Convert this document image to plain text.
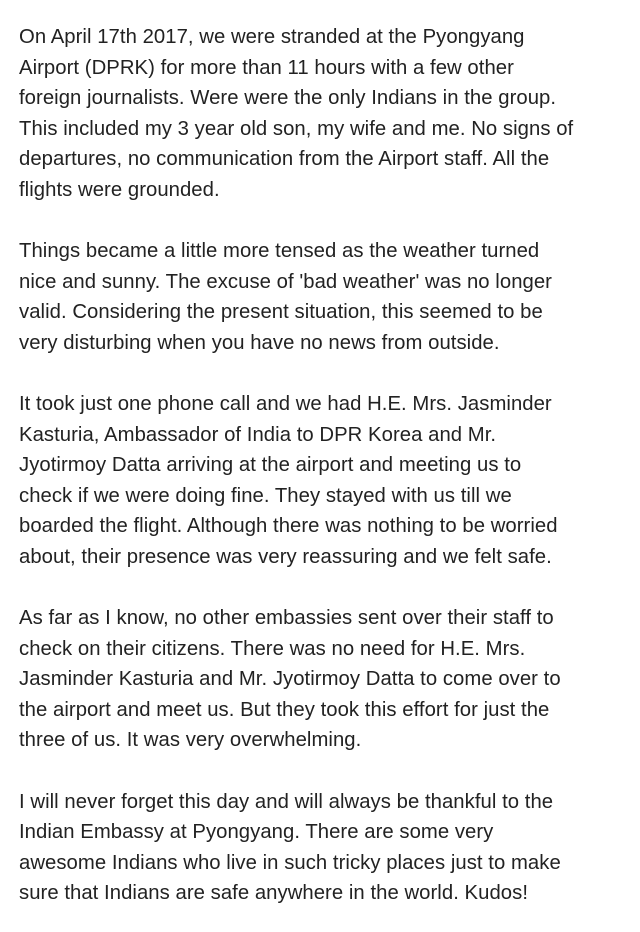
On April 17th 2017, we were stranded at the Pyongyang
Airport (DPRK) for more than 11 hours with a few other
foreign journalists. Were were the only Indians in the group.
This included my 3 year old son, my wife and me. No signs of
departures, no communication from the Airport staff. All the
flights were grounded.

Things became a little more tensed as the weather turned
nice and sunny. The excuse of 'bad weather' was no longer
valid. Considering the present situation, this seemed to be
very disturbing when you have no news from outside.

It took just one phone call and we had H.E. Mrs. Jasminder
Kasturia, Ambassador of India to DPR Korea and Mr.
Jyotirmoy Datta arriving at the airport and meeting us to
check if we were doing fine. They stayed with us till we
boarded the flight. Although there was nothing to be worried
about, their presence was very reassuring and we felt safe.

As far as I know, no other embassies sent over their staff to
check on their citizens. There was no need for H.E. Mrs.
Jasminder Kasturia and Mr. Jyotirmoy Datta to come over to
the airport and meet us. But they took this effort for just the
three of us. It was very overwhelming.

I will never forget this day and will always be thankful to the
Indian Embassy at Pyongyang. There are some very
awesome Indians who live in such tricky places just to make
sure that Indians are safe anywhere in the world. Kudos!
